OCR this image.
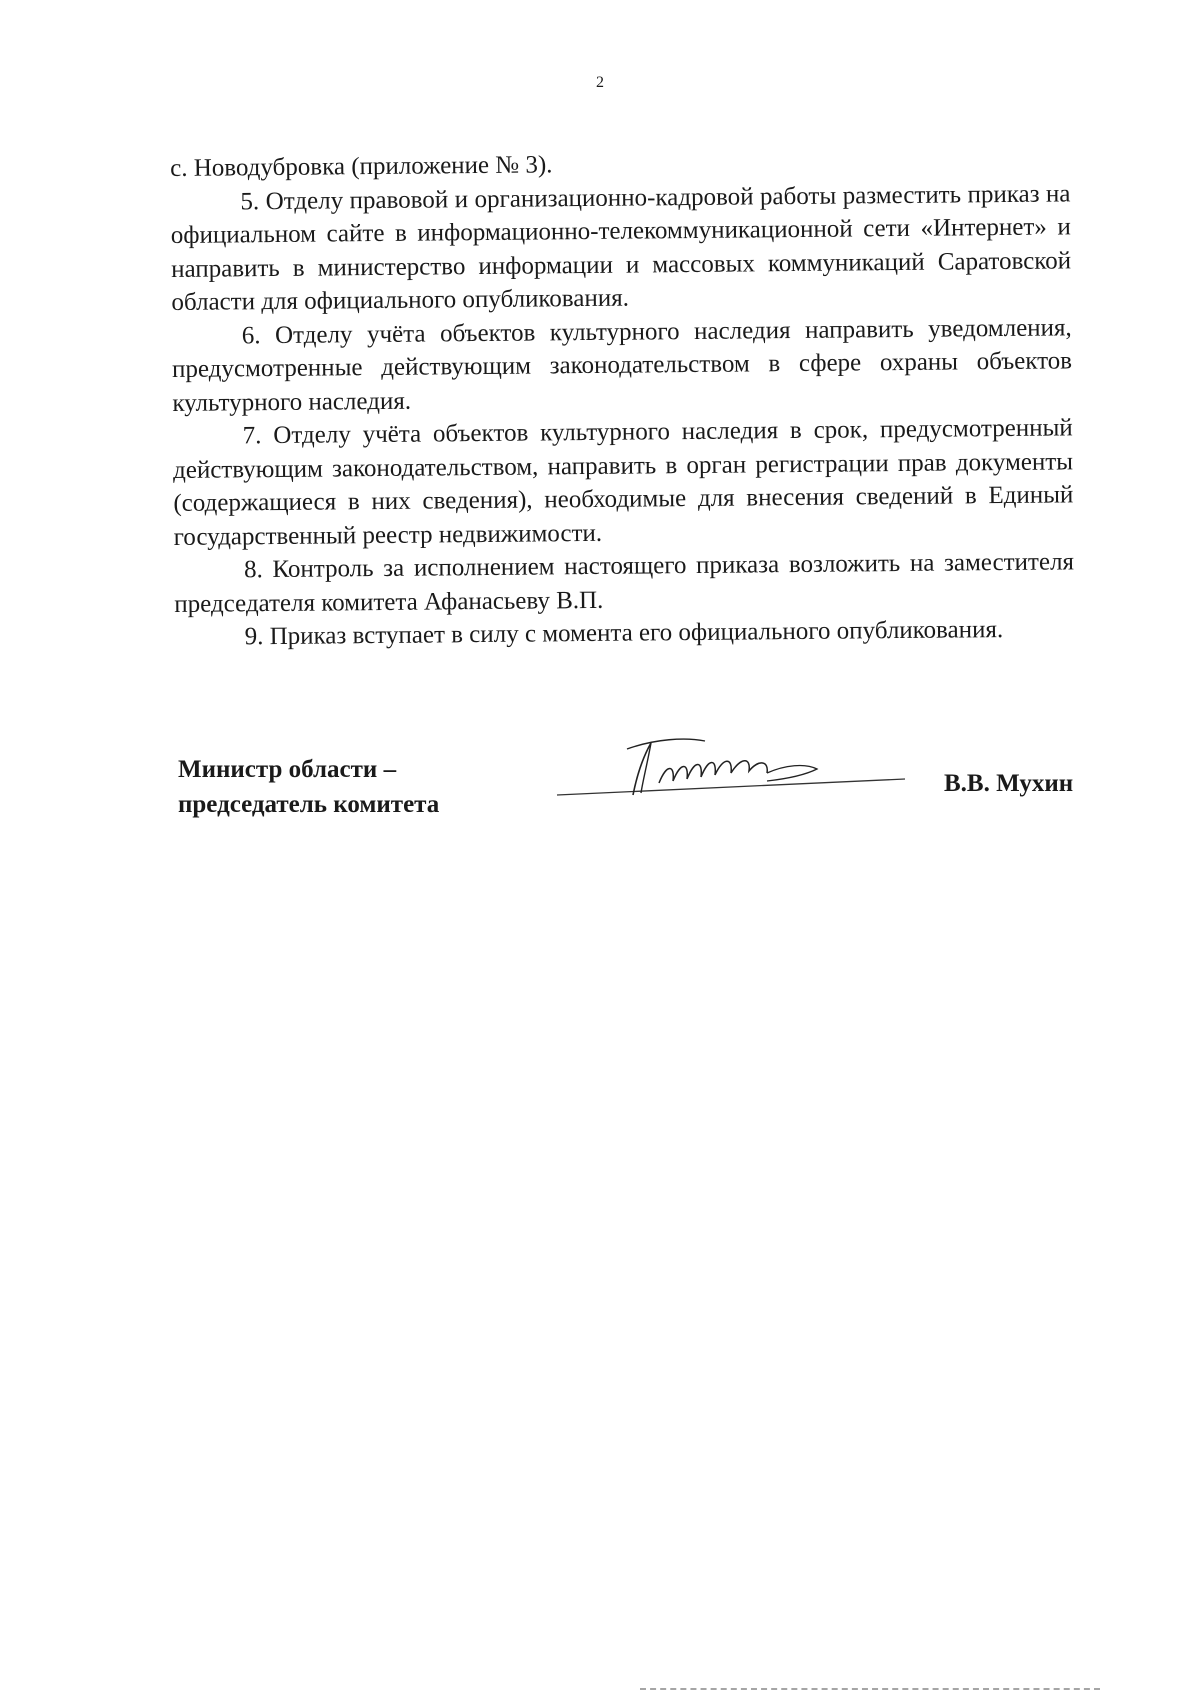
2

с. Новодубровка (приложение № 3).

5. Отделу правовой и организационно-кадровой работы разместить приказ на официальном сайте в информационно-телекоммуникационной сети «Интернет» и направить в министерство информации и массовых коммуникаций Саратовской области для официального опубликования.

6. Отделу учёта объектов культурного наследия направить уведомления, предусмотренные действующим законодательством в сфере охраны объектов культурного наследия.

7. Отделу учёта объектов культурного наследия в срок, предусмотренный действующим законодательством, направить в орган регистрации прав документы (содержащиеся в них сведения), необходимые для внесения сведений в Единый государственный реестр недвижимости.

8. Контроль за исполнением настоящего приказа возложить на заместителя председателя комитета Афанасьеву В.П.

9. Приказ вступает в силу с момента его официального опубликования.

Министр области –
председатель комитета
В.В. Мухин
